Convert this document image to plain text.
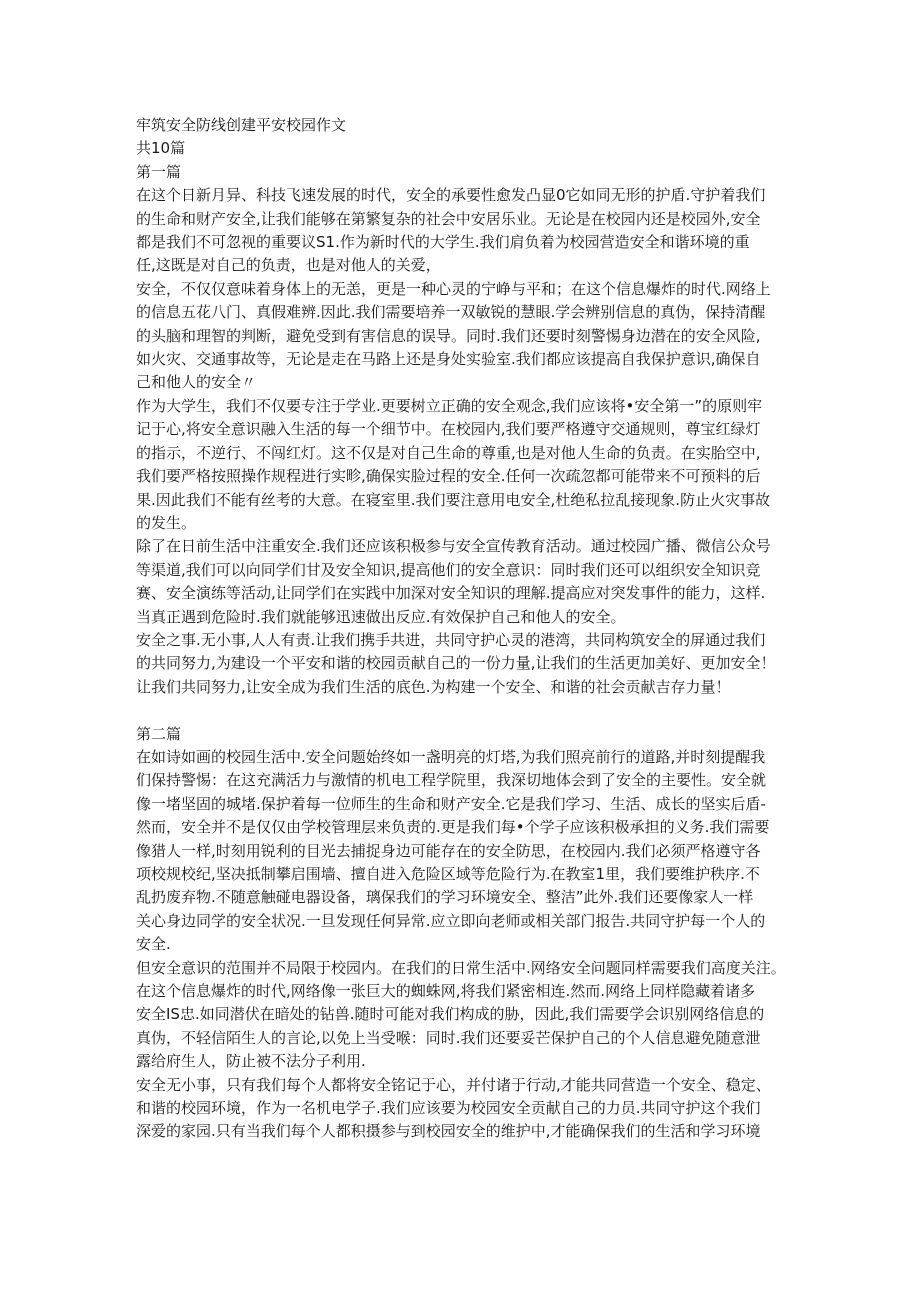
牢筑安全防线创建平安校园作文
共10篇
第一篇
在这个日新月异、科技飞速发展的时代，安全的承要性愈发凸显0它如同无形的护盾.守护着我们
的生命和财产安全,让我们能够在第繁复杂的社会中安居乐业。无论是在校园内还是校园外,安全
都是我们不可忽视的重要议S1.作为新时代的大学生.我们肩负着为校园营造安全和谐环境的重
任,这既是对自己的负责，也是对他人的关爱，
安全，不仅仅意味着身体上的无恙，更是一种心灵的宁峥与平和；在这个信息爆炸的时代.网络上
的信息五花八门、真假难辨.因此.我们需要培养一双敏锐的慧眼.学会辨别信息的真伪，保持清醒
的头脑和理智的判断，避免受到有害信息的误导。同时.我们还要时刻警惕身边潜在的安全风险,
如火灾、交通事故等，无论是走在马路上还是身处实验室.我们都应该提高自我保护意识,确保自
己和他人的安全〃
作为大学生，我们不仅要专注于学业.更要树立正确的安全观念,我们应该将•安全第一”的原则牢
记于心,将安全意识融入生活的每一个细节中。在校园内,我们要严格遵守交通规则，尊宝红绿灯
的指示，不逆行、不闯红灯。这不仅是对自己生命的尊重,也是对他人生命的负责。在实胎空中,
我们要严格按照操作规程进行实畛,确保实脸过程的安全.任何一次疏忽都可能带来不可预料的后
果.因此我们不能有丝考的大意。在寝室里.我们要注意用电安全,杜绝私拉乱接现象.防止火灾事故
的发生。
除了在日前生活中注重安全.我们还应该积极参与安全宣传教育活动。通过校园广播、微信公众号
等渠道,我们可以向同学们甘及安全知识,提高他们的安全意识：同时我们还可以组织安全知识竞
赛、安全演练等活动,让同学们在实践中加深对安全知识的理解.提高应对突发事件的能力，这样.
当真正遇到危险时.我们就能够迅速做出反应.有效保护自己和他人的安全。
安全之事.无小事,人人有责.让我们携手共进，共同守护心灵的港湾，共同构筑安全的屏通过我们
的共同努力,为建设一个平安和谐的校园贡献自己的一份力量,让我们的生活更加美好、更加安全！
让我们共同努力,让安全成为我们生活的底色.为构建一个安全、和谐的社会贡献吉存力量！
第二篇
在如诗如画的校园生活中.安全问题始终如一盏明亮的灯塔,为我们照亮前行的道路,并时刻提醒我
们保持警惕：在这充满活力与激情的机电工程学院里，我深切地体会到了安全的主要性。安全就
像一堵坚固的城堵.保护着每一位师生的生命和财产安全.它是我们学习、生活、成长的坚实后盾-
然而，安全并不是仅仅由学校管理层来负责的.更是我们每•个学子应该积极承担的义务.我们需要
像猎人一样,时刻用锐利的目光去捕捉身边可能存在的安全防思，在校园内.我们必须严格遵守各
项校规校纪,坚决抵制攀启围墙、擅自进入危险区域等危险行为.在教室1里，我们要维护秩序.不
乱扔废弃物.不随意触碰电器设备，璃保我们的学习环境安全、整洁”此外.我们还要像家人一样
关心身边同学的安全状况.一旦发现任何异常.应立即向老师或相关部门报告.共同守护每一个人的
安全.
但安全意识的范围并不局限于校园内。在我们的日常生活中.网络安全问题同样需要我们高度关注。
在这个信息爆炸的时代,网络像一张巨大的蜘蛛网,将我们紧密相连.然而.网络上同样隐藏着诸多
安全IS忠.如同潜伏在暗处的钻兽.随时可能对我们构成的胁，因此,我们需要学会识别网络信息的
真伪，不轻信陌生人的言论,以免上当受喉：同时.我们还要妥芒保护自己的个人信息避免随意泄
露给府生人，防止被不法分子利用.
安全无小事，只有我们每个人都将安全铭记于心，并付诸于行动,才能共同营造一个安全、稳定、
和谐的校园环境，作为一名机电学子.我们应该要为校园安全贡献自己的力员.共同守护这个我们
深爱的家园.只有当我们每个人都积摄参与到校园安全的维护中,才能确保我们的生活和学习环境
